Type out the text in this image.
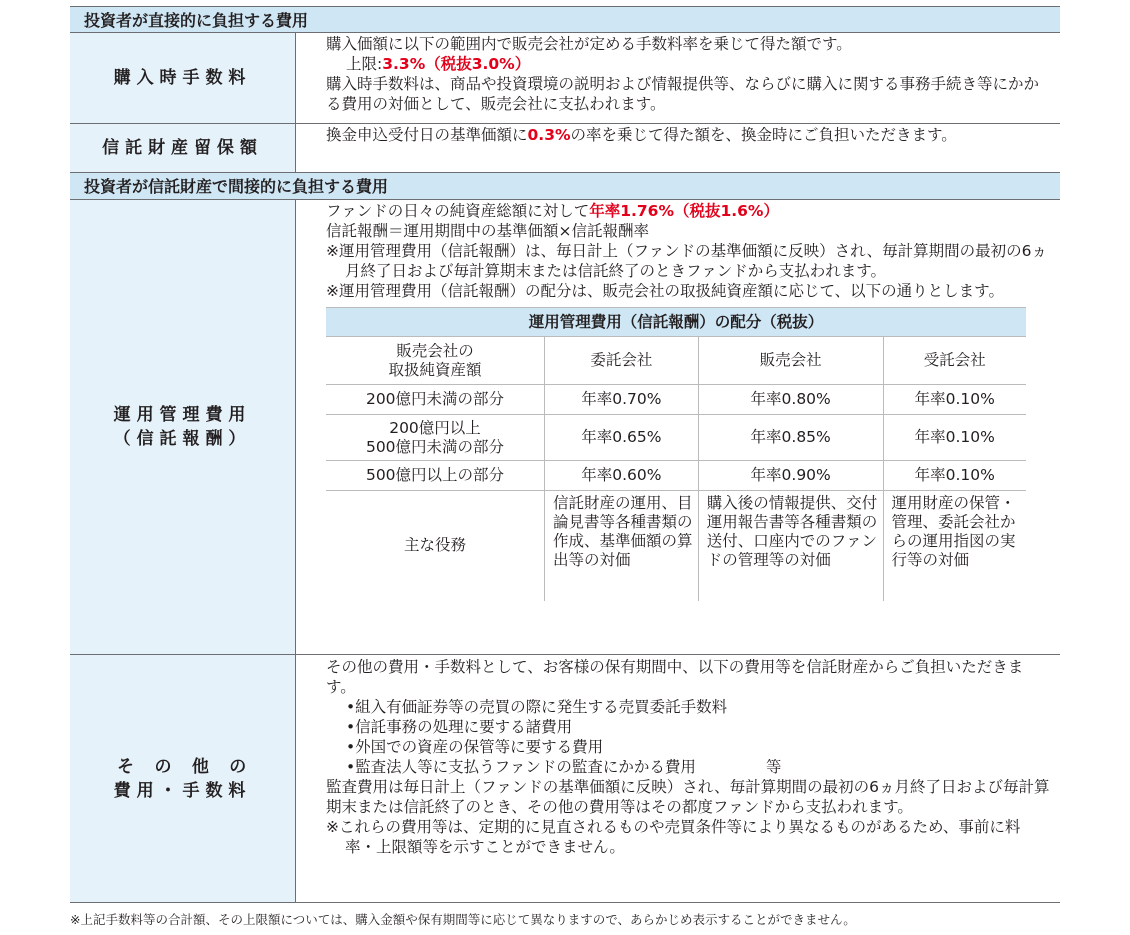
投資者が直接的に負担する費用
購入時手数料
購入価額に以下の範囲内で販売会社が定める手数料率を乗じて得た額です。
上限:3.3%（税抜3.0%）
購入時手数料は、商品や投資環境の説明および情報提供等、ならびに購入に関する事務手続き等にかかる費用の対価として、販売会社に支払われます。
信託財産留保額
換金申込受付日の基準価額に0.3%の率を乗じて得た額を、換金時にご負担いただきます。
投資者が信託財産で間接的に負担する費用
運用管理費用（信託報酬）
ファンドの日々の純資産総額に対して年率1.76%（税抜1.6%）
信託報酬＝運用期間中の基準価額×信託報酬率
※運用管理費用（信託報酬）は、毎日計上（ファンドの基準価額に反映）され、毎計算期間の最初の6ヵ月終了日および毎計算期末または信託終了のときファンドから支払われます。
※運用管理費用（信託報酬）の配分は、販売会社の取扱純資産額に応じて、以下の通りとします。
運用管理費用（信託報酬）の配分（税抜）			
販売会社の
取扱純資産額	委託会社	販売会社	受託会社
200億円未満の部分	年率0.70%	年率0.80%	年率0.10%
200億円以上
500億円未満の部分	年率0.65%	年率0.85%	年率0.10%
500億円以上の部分	年率0.60%	年率0.90%	年率0.10%
主な役務	信託財産の運用、目論見書等各種書類の作成、基準価額の算出等の対価	購入後の情報提供、交付運用報告書等各種書類の送付、口座内でのファンドの管理等の対価	運用財産の保管・管理、委託会社からの運用指図の実行等の対価
そ　の　他　の
費用・手数料
その他の費用・手数料として、お客様の保有期間中、以下の費用等を信託財産からご負担いただきます。
•組入有価証券等の売買の際に発生する売買委託手数料
•信託事務の処理に要する諸費用
•外国での資産の保管等に要する費用
•監査法人等に支払うファンドの監査にかかる費用	等
監査費用は毎日計上（ファンドの基準価額に反映）され、毎計算期間の最初の6ヵ月終了日および毎計算期末または信託終了のとき、その他の費用等はその都度ファンドから支払われます。
※これらの費用等は、定期的に見直されるものや売買条件等により異なるものがあるため、事前に料率・上限額等を示すことができません。
※上記手数料等の合計額、その上限額については、購入金額や保有期間等に応じて異なりますので、あらかじめ表示することができません。
